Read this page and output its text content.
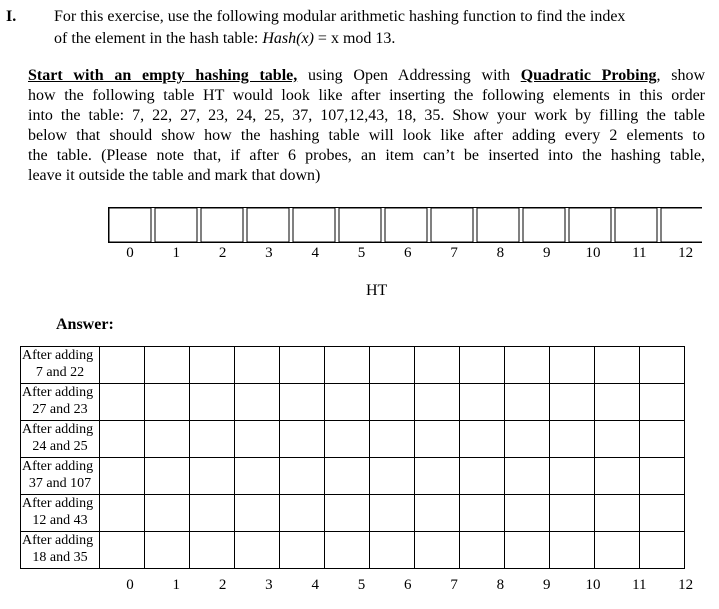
I. For this exercise, use the following modular arithmetic hashing function to find the index
of the element in the hash table: Hash(x) = x mod 13.
Start with an empty hashing table, using Open Addressing with Quadratic Probing, show
how the following table HT would look like after inserting the following elements in this order
into the table: 7, 22, 27, 23, 24, 25, 37, 107,12,43, 18, 35. Show your work by filling the table
below that should show how the hashing table will look like after adding every 2 elements to
the table. (Please note that, if after 6 probes, an item can’t be inserted into the hashing table,
leave it outside the table and mark that down)
0	1	2	3	4	5	6	7	8	9	10 11 12
HT
Answer:
After adding
7 and 22													

After adding
27 and 23													

After adding
24 and 25													

After adding
37 and 107													

After adding
12 and 43													

After adding
18 and 35													
0	1	2	3	4	5	6	7	8	9	10 11 12
